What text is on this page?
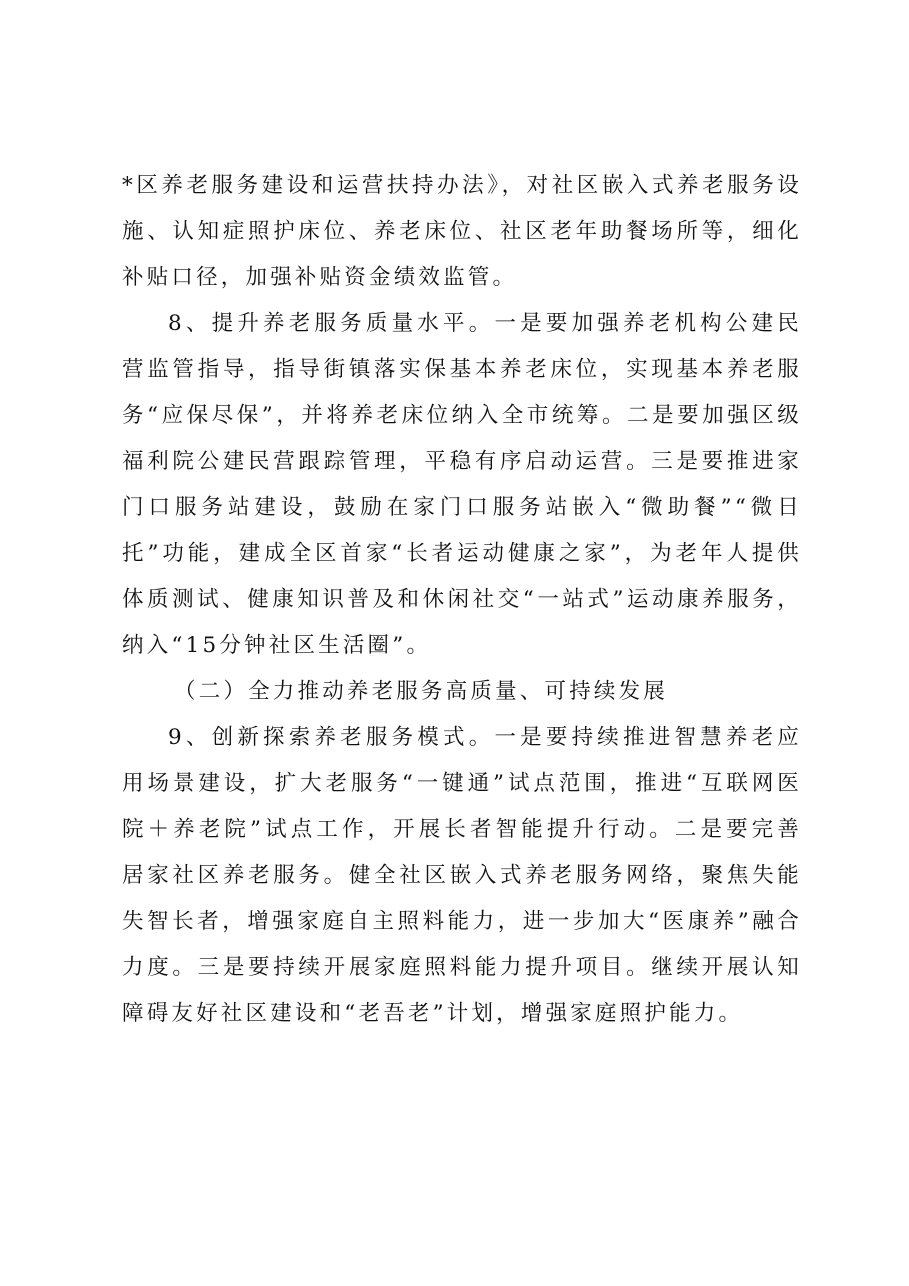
*区养老服务建设和运营扶持办法》，对社区嵌入式养老服务设施、认知症照护床位、养老床位、社区老年助餐场所等，细化补贴口径，加强补贴资金绩效监管。

8、提升养老服务质量水平。一是要加强养老机构公建民营监管指导，指导街镇落实保基本养老床位，实现基本养老服务“应保尽保”，并将养老床位纳入全市统筹。二是要加强区级福利院公建民营跟踪管理，平稳有序启动运营。三是要推进家门口服务站建设，鼓励在家门口服务站嵌入“微助餐”“微日托”功能，建成全区首家“长者运动健康之家”，为老年人提供体质测试、健康知识普及和休闲社交“一站式”运动康养服务，纳入“15分钟社区生活圈”。

（二）全力推动养老服务高质量、可持续发展

9、创新探索养老服务模式。一是要持续推进智慧养老应用场景建设，扩大老服务“一键通”试点范围，推进“互联网医院＋养老院”试点工作，开展长者智能提升行动。二是要完善居家社区养老服务。健全社区嵌入式养老服务网络，聚焦失能失智长者，增强家庭自主照料能力，进一步加大“医康养”融合力度。三是要持续开展家庭照料能力提升项目。继续开展认知障碍友好社区建设和“老吾老”计划，增强家庭照护能力。
